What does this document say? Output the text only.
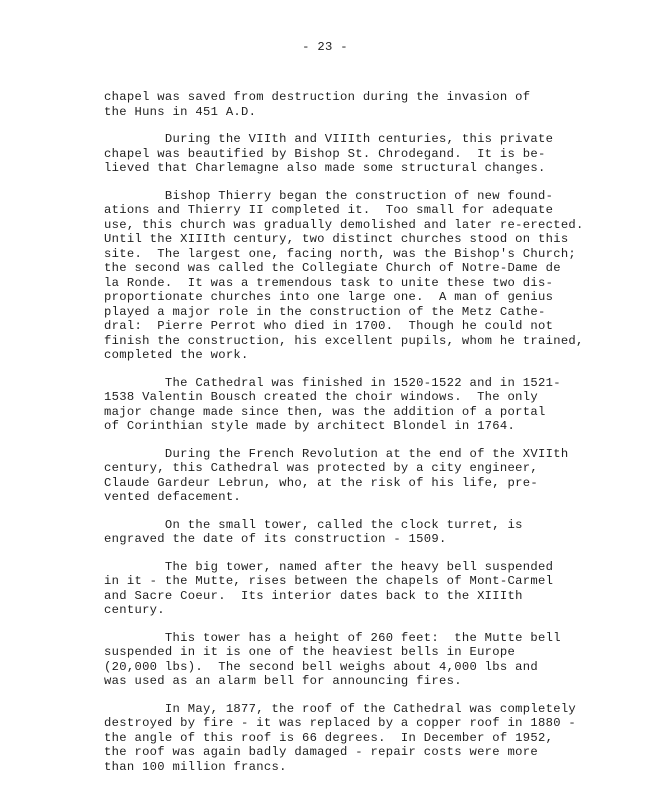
- 23 -
chapel was saved from destruction during the invasion of
the Huns in 451 A.D.
During the VIIth and VIIIth centuries, this private
chapel was beautified by Bishop St. Chrodegand.  It is be-
lieved that Charlemagne also made some structural changes.
Bishop Thierry began the construction of new found-
ations and Thierry II completed it.  Too small for adequate
use, this church was gradually demolished and later re-erected.
Until the XIIIth century, two distinct churches stood on this
site.  The largest one, facing north, was the Bishop's Church;
the second was called the Collegiate Church of Notre-Dame de
la Ronde.  It was a tremendous task to unite these two dis-
proportionate churches into one large one.  A man of genius
played a major role in the construction of the Metz Cathe-
dral:  Pierre Perrot who died in 1700.  Though he could not
finish the construction, his excellent pupils, whom he trained,
completed the work.
The Cathedral was finished in 1520-1522 and in 1521-
1538 Valentin Bousch created the choir windows.  The only
major change made since then, was the addition of a portal
of Corinthian style made by architect Blondel in 1764.
During the French Revolution at the end of the XVIIth
century, this Cathedral was protected by a city engineer,
Claude Gardeur Lebrun, who, at the risk of his life, pre-
vented defacement.
On the small tower, called the clock turret, is
engraved the date of its construction - 1509.
The big tower, named after the heavy bell suspended
in it - the Mutte, rises between the chapels of Mont-Carmel
and Sacre Coeur.  Its interior dates back to the XIIIth
century.
This tower has a height of 260 feet:  the Mutte bell
suspended in it is one of the heaviest bells in Europe
(20,000 lbs).  The second bell weighs about 4,000 lbs and
was used as an alarm bell for announcing fires.
In May, 1877, the roof of the Cathedral was completely
destroyed by fire - it was replaced by a copper roof in 1880 -
the angle of this roof is 66 degrees.  In December of 1952,
the roof was again badly damaged - repair costs were more
than 100 million francs.
